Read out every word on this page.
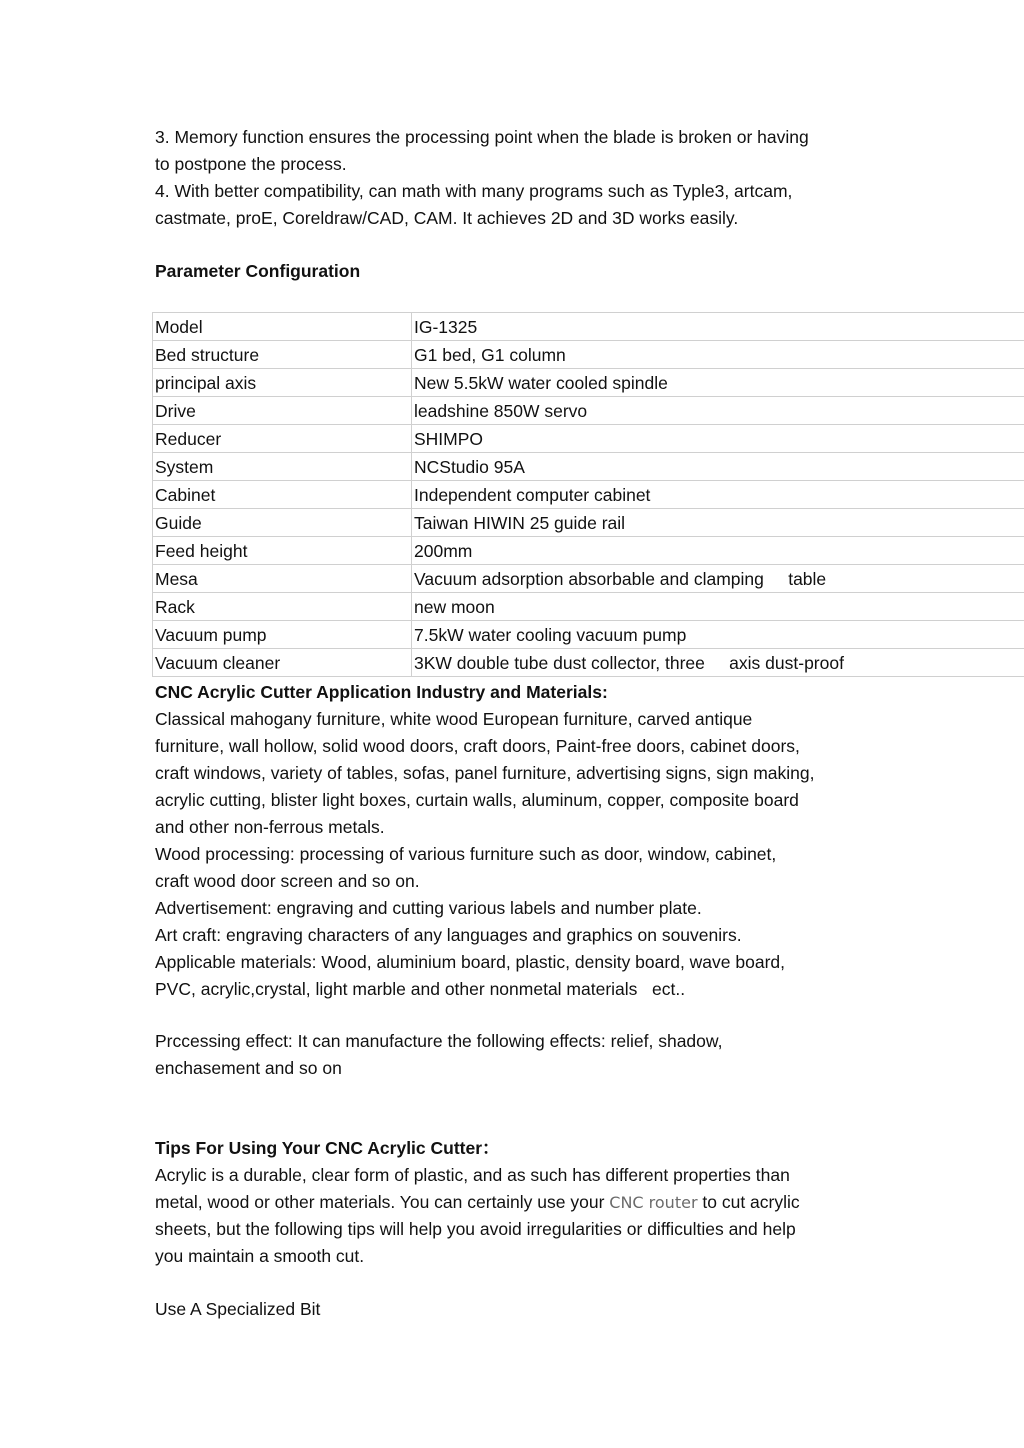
3. Memory function ensures the processing point when the blade is broken or having
to postpone the process.
4. With better compatibility, can math with many programs such as Typle3, artcam,
castmate, proE, Coreldraw/CAD, CAM. It achieves 2D and 3D works easily.

Parameter Configuration

Model	IG-1325
Bed structure	G1 bed, G1 column
principal axis	New 5.5kW water cooled spindle
Drive	leadshine 850W servo
Reducer	SHIMPO
System	NCStudio 95A
Cabinet	Independent computer cabinet
Guide	Taiwan HIWIN 25 guide rail
Feed height	200mm
Mesa	Vacuum adsorption absorbable and clamping     table
Rack	new moon
Vacuum pump	7.5kW water cooling vacuum pump
Vacuum cleaner	3KW double tube dust collector, three     axis dust-proof
CNC Acrylic Cutter Application Industry and Materials:
Classical mahogany furniture, white wood European furniture, carved antique
furniture, wall hollow, solid wood doors, craft doors, Paint-free doors, cabinet doors,
craft windows, variety of tables, sofas, panel furniture, advertising signs, sign making,
acrylic cutting, blister light boxes, curtain walls, aluminum, copper, composite board
and other non-ferrous metals.
Wood processing: processing of various furniture such as door, window, cabinet,
craft wood door screen and so on.
Advertisement: engraving and cutting various labels and number plate.
Art craft: engraving characters of any languages and graphics on souvenirs.
Applicable materials: Wood, aluminium board, plastic, density board, wave board,
PVC, acrylic,crystal, light marble and other nonmetal materials   ect..

Prccessing effect: It can manufacture the following effects: relief, shadow,
enchasement and so on

Tips For Using Your CNC Acrylic Cutter：
Acrylic is a durable, clear form of plastic, and as such has different properties than
metal, wood or other materials. You can certainly use your CNC router to cut acrylic
sheets, but the following tips will help you avoid irregularities or difficulties and help
you maintain a smooth cut.

Use A Specialized Bit
